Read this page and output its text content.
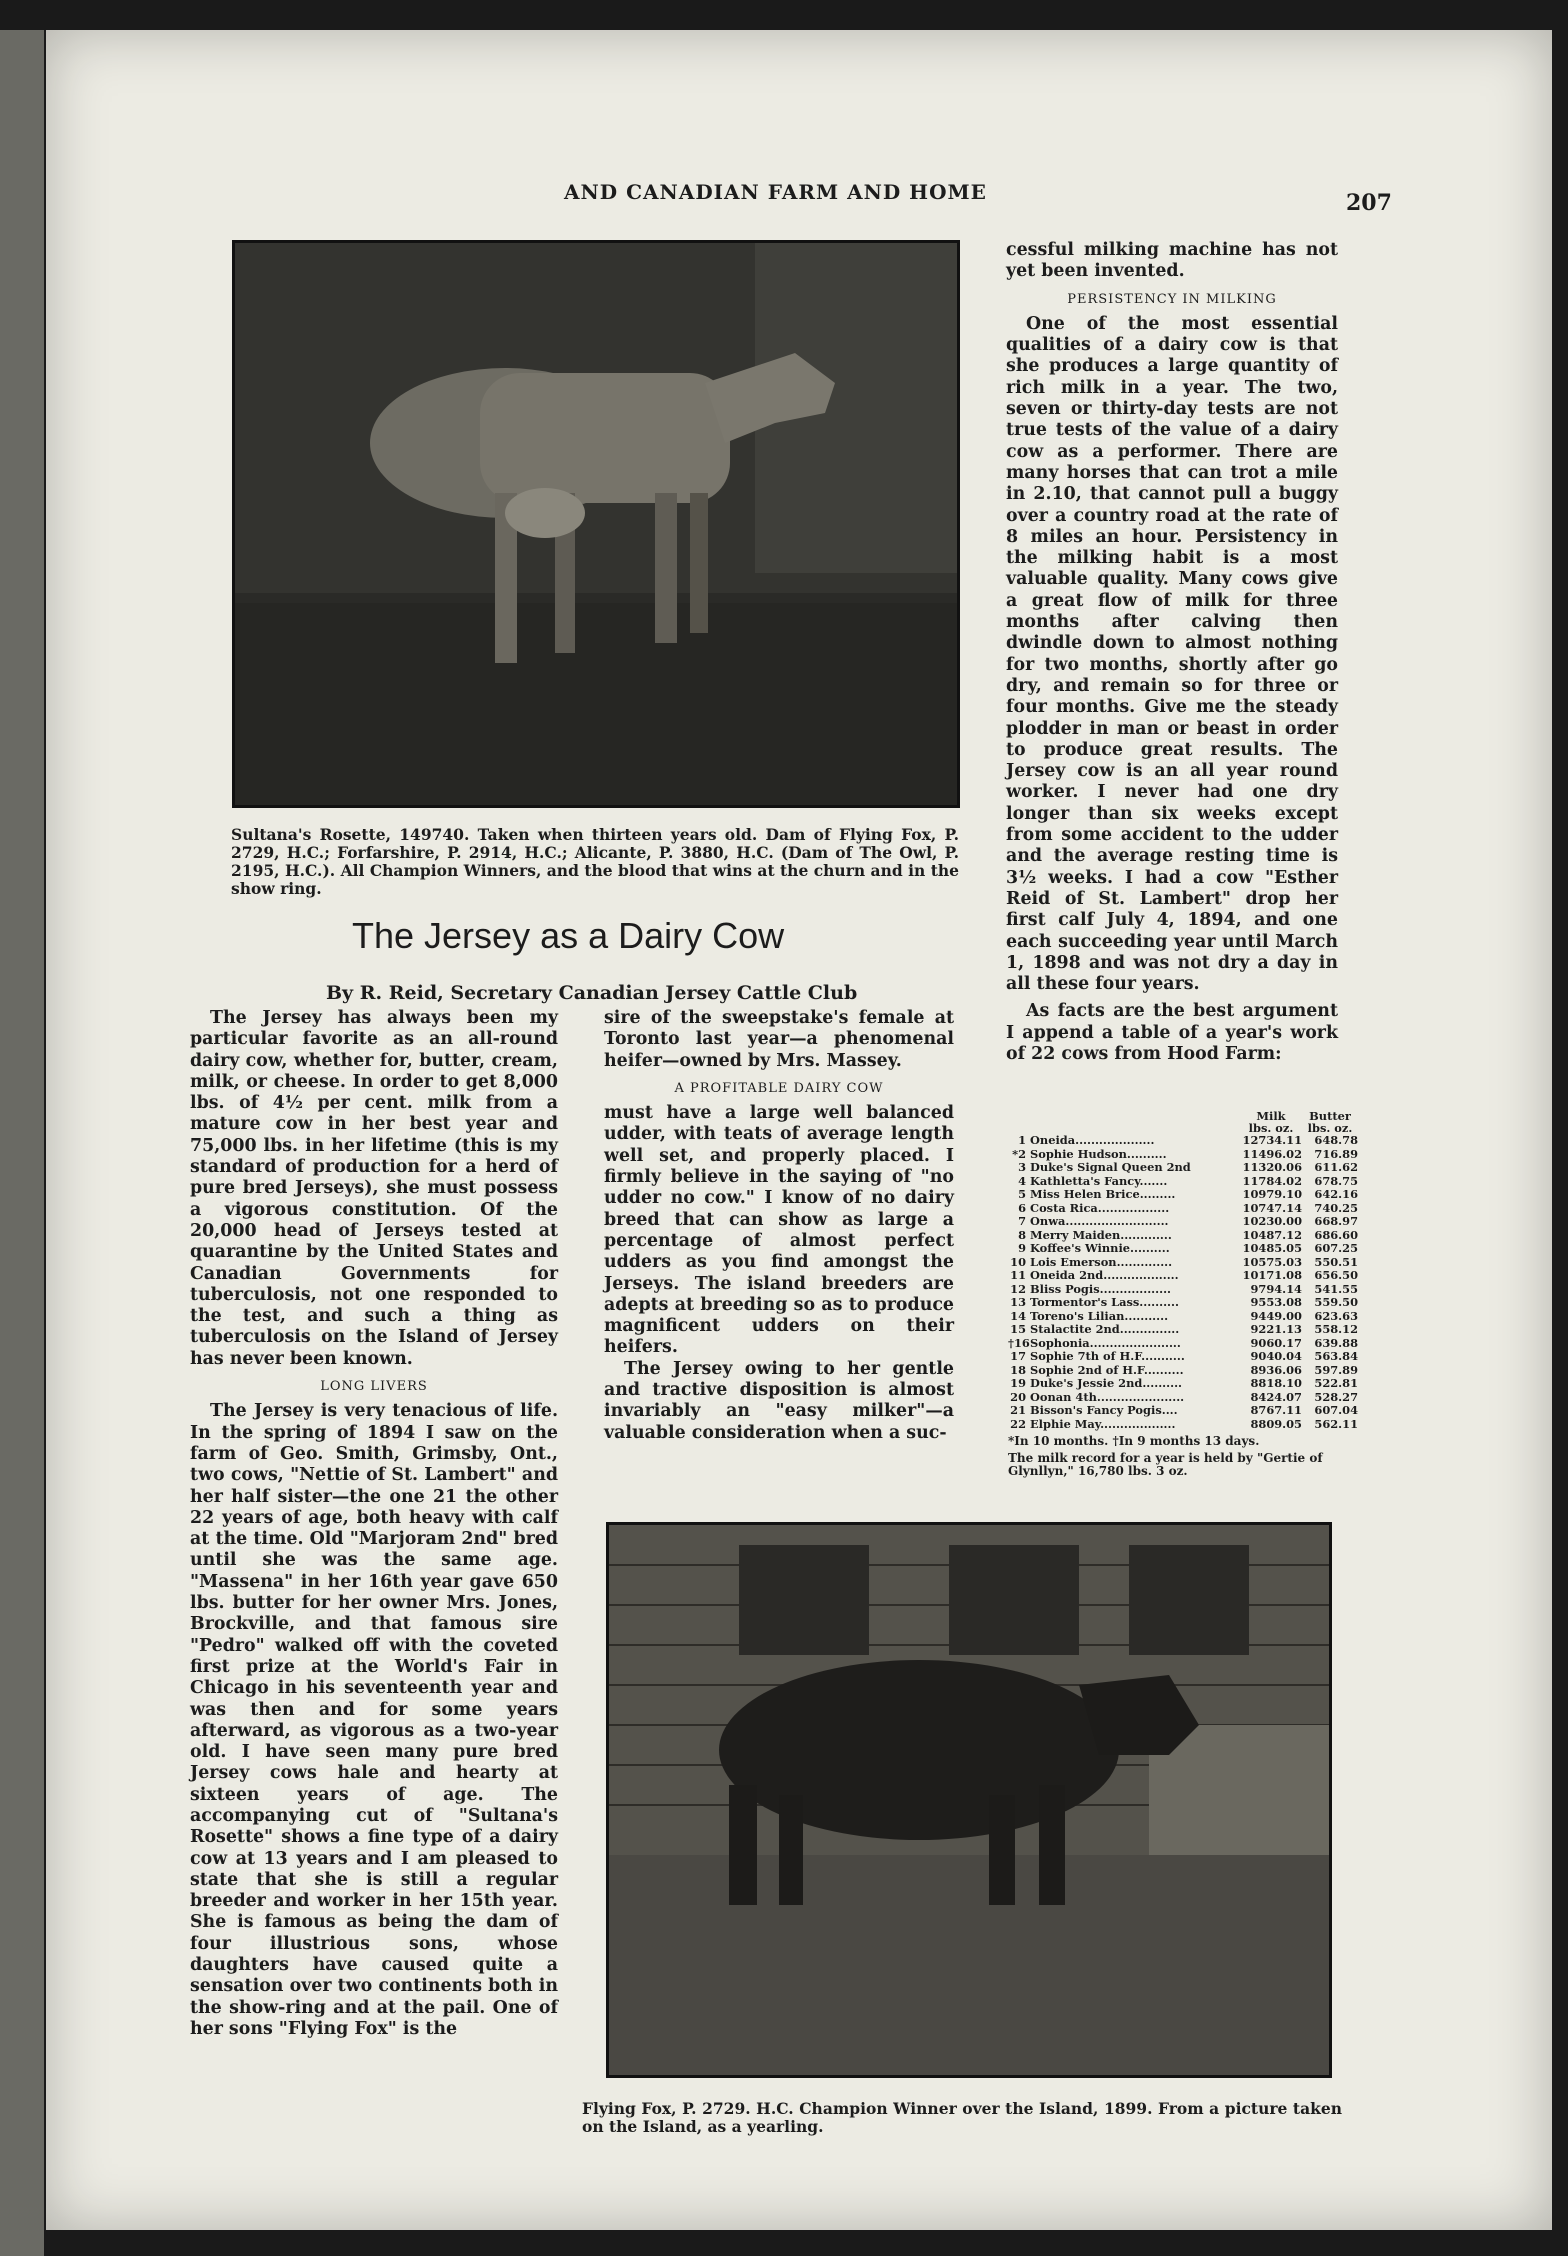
AND CANADIAN FARM AND HOME	207
Sultana's Rosette, 149740. Taken when thirteen years old. Dam of Flying Fox, P. 2729, H.C.; Forfarshire, P. 2914, H.C.; Alicante, P. 3880, H.C. (Dam of The Owl, P. 2195, H.C.). All Champion Winners, and the blood that wins at the churn and in the show ring.
The Jersey as a Dairy Cow
By R. Reid, Secretary Canadian Jersey Cattle Club

The Jersey has always been my particular favorite as an all-round dairy cow, whether for, butter, cream, milk, or cheese. In order to get 8,000 lbs. of 4½ per cent. milk from a mature cow in her best year and 75,000 lbs. in her lifetime (this is my standard of production for a herd of pure bred Jerseys), she must possess a vigorous constitution. Of the 20,000 head of Jerseys tested at quarantine by the United States and Canadian Governments for tuberculosis, not one responded to the test, and such a thing as tuberculosis on the Island of Jersey has never been known.

LONG LIVERS

The Jersey is very tenacious of life. In the spring of 1894 I saw on the farm of Geo. Smith, Grimsby, Ont., two cows, "Nettie of St. Lambert" and her half sister—the one 21 the other 22 years of age, both heavy with calf at the time. Old "Marjoram 2nd" bred until she was the same age. "Massena" in her 16th year gave 650 lbs. butter for her owner Mrs. Jones, Brockville, and that famous sire "Pedro" walked off with the coveted first prize at the World's Fair in Chicago in his seventeenth year and was then and for some years afterward, as vigorous as a two-year old. I have seen many pure bred Jersey cows hale and hearty at sixteen years of age. The accompanying cut of "Sultana's Rosette" shows a fine type of a dairy cow at 13 years and I am pleased to state that she is still a regular breeder and worker in her 15th year. She is famous as being the dam of four illustrious sons, whose daughters have caused quite a sensation over two continents both in the show-ring and at the pail. One of her sons "Flying Fox" is the

sire of the sweepstake's female at Toronto last year—a phenomenal heifer—owned by Mrs. Massey.

A PROFITABLE DAIRY COW

must have a large well balanced udder, with teats of average length well set, and properly placed. I firmly believe in the saying of "no udder no cow." I know of no dairy breed that can show as large a percentage of almost perfect udders as you find amongst the Jerseys. The island breeders are adepts at breeding so as to produce magnificent udders on their heifers.

The Jersey owing to her gentle and tractive disposition is almost invariably an "easy milker"—a valuable consideration when a suc-

cessful milking machine has not yet been invented.

PERSISTENCY IN MILKING

One of the most essential qualities of a dairy cow is that she produces a large quantity of rich milk in a year. The two, seven or thirty-day tests are not true tests of the value of a dairy cow as a performer. There are many horses that can trot a mile in 2.10, that cannot pull a buggy over a country road at the rate of 8 miles an hour. Persistency in the milking habit is a most valuable quality. Many cows give a great flow of milk for three months after calving then dwindle down to almost nothing for two months, shortly after go dry, and remain so for three or four months. Give me the steady plodder in man or beast in order to produce great results. The Jersey cow is an all year round worker. I never had one dry longer than six weeks except from some accident to the udder and the average resting time is 3½ weeks. I had a cow "Esther Reid of St. Lambert" drop her first calf July 4, 1894, and one each succeeding year until March 1, 1898 and was not dry a day in all these four years.

As facts are the best argument I append a table of a year's work of 22 cows from Hood Farm:

Milk
lbs. oz.
Butter
lbs. oz.
1 Oneida....................	12734.11	648.78
*2 Sophie Hudson..........	11496.02	716.89
3 Duke's Signal Queen 2nd	11320.06	611.62
4 Kathletta's Fancy.......	11784.02	678.75
5 Miss Helen Brice.........	10979.10	642.16
6 Costa Rica..................	10747.14	740.25
7 Onwa..........................	10230.00	668.97
8 Merry Maiden.............	10487.12	686.60
9 Koffee's Winnie..........	10485.05	607.25
10 Lois Emerson..............	10575.03	550.51
11 Oneida 2nd...................	10171.08	656.50
12 Bliss Pogis..................	9794.14	541.55
13 Tormentor's Lass..........	9553.08	559.50
14 Toreno's Lilian...........	9449.00	623.63
15 Stalactite 2nd...............	9221.13	558.12
†16 Sophonia.......................	9060.17	639.88
17 Sophie 7th of H.F...........	9040.04	563.84
18 Sophie 2nd of H.F..........	8936.06	597.89
19 Duke's Jessie 2nd..........	8818.10	522.81
20 Oonan 4th......................	8424.07	528.27
21 Bisson's Fancy Pogis....	8767.11	607.04
22 Elphie May...................	8809.05	562.11
*In 10 months. †In 9 months 13 days.
The milk record for a year is held by "Gertie of Glynllyn," 16,780 lbs. 3 oz.
Flying Fox, P. 2729. H.C. Champion Winner over the Island, 1899. From a picture taken on the Island, as a yearling.
